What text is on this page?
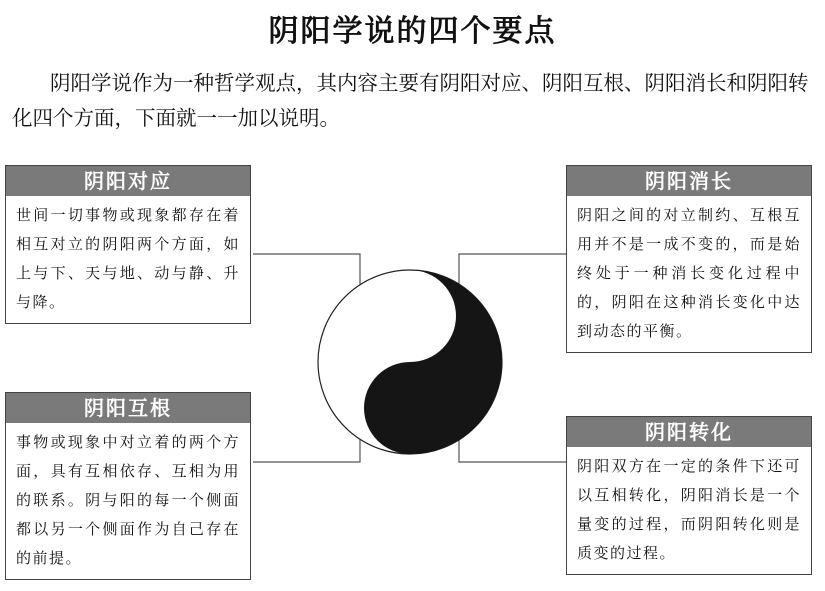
阴阳学说的四个要点
阴阳学说作为一种哲学观点，其内容主要有阴阳对应、阴阳互根、阴阳消长和阴阳转化四个方面，下面就一一加以说明。
阴阳对应
世间一切事物或现象都存在着相互对立的阴阳两个方面，如上与下、天与地、动与静、升与降。
阴阳互根
事物或现象中对立着的两个方面，具有互相依存、互相为用的联系。阴与阳的每一个侧面都以另一个侧面作为自己存在的前提。
阴阳消长
阴阳之间的对立制约、互根互用并不是一成不变的，而是始终处于一种消长变化过程中的，阴阳在这种消长变化中达到动态的平衡。
阴阳转化
阴阳双方在一定的条件下还可以互相转化，阴阳消长是一个量变的过程，而阴阳转化则是质变的过程。
